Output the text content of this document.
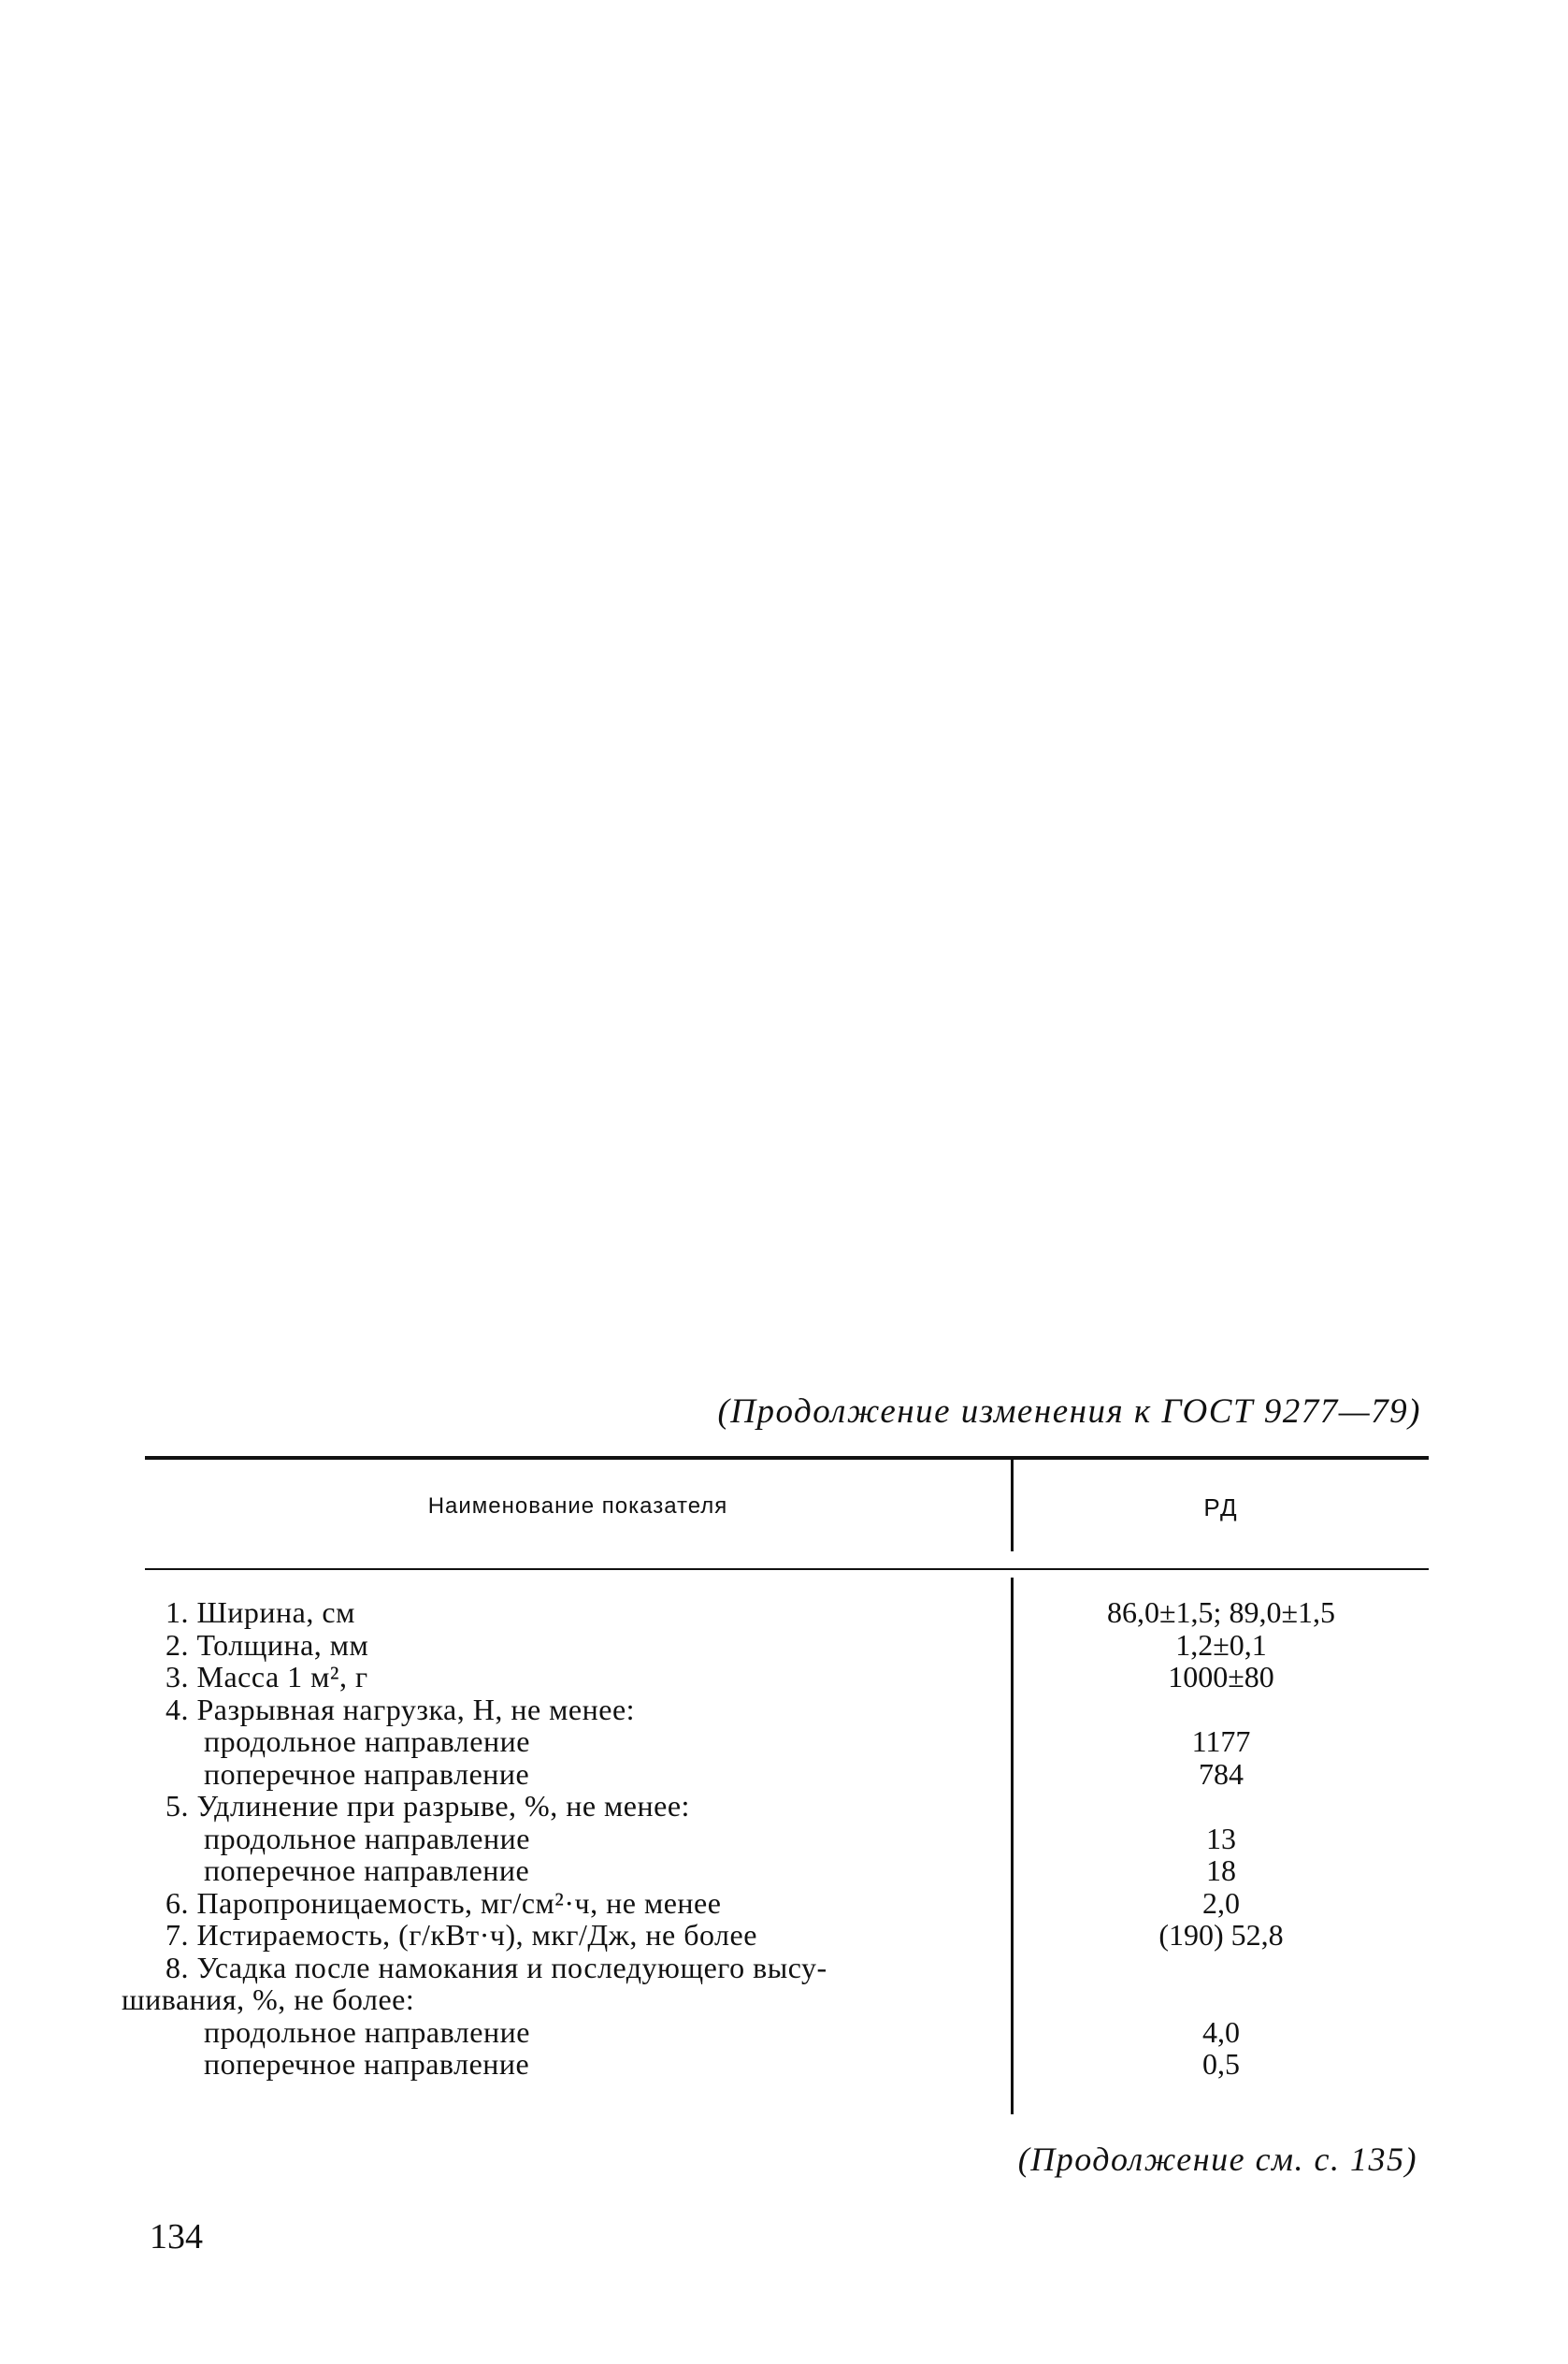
(Продолжение изменения к ГОСТ 9277—79)
Наименование показателя	РД
1. Ширина, см	86,0±1,5; 89,0±1,5
2. Толщина, мм	1,2±0,1
3. Масса 1 м², г	1000±80
4. Разрывная нагрузка, Н, не менее:
продольное направление	1177
поперечное направление	784
5. Удлинение при разрыве, %, не менее:
продольное направление	13
поперечное направление	18
6. Паропроницаемость, мг/см²·ч, не менее	2,0
7. Истираемость, (г/кВт·ч), мкг/Дж, не более	(190) 52,8
8. Усадка после намокания и последующего высу-
шивания, %, не более:
продольное направление	4,0
поперечное направление	0,5
(Продолжение см. с. 135)
134
